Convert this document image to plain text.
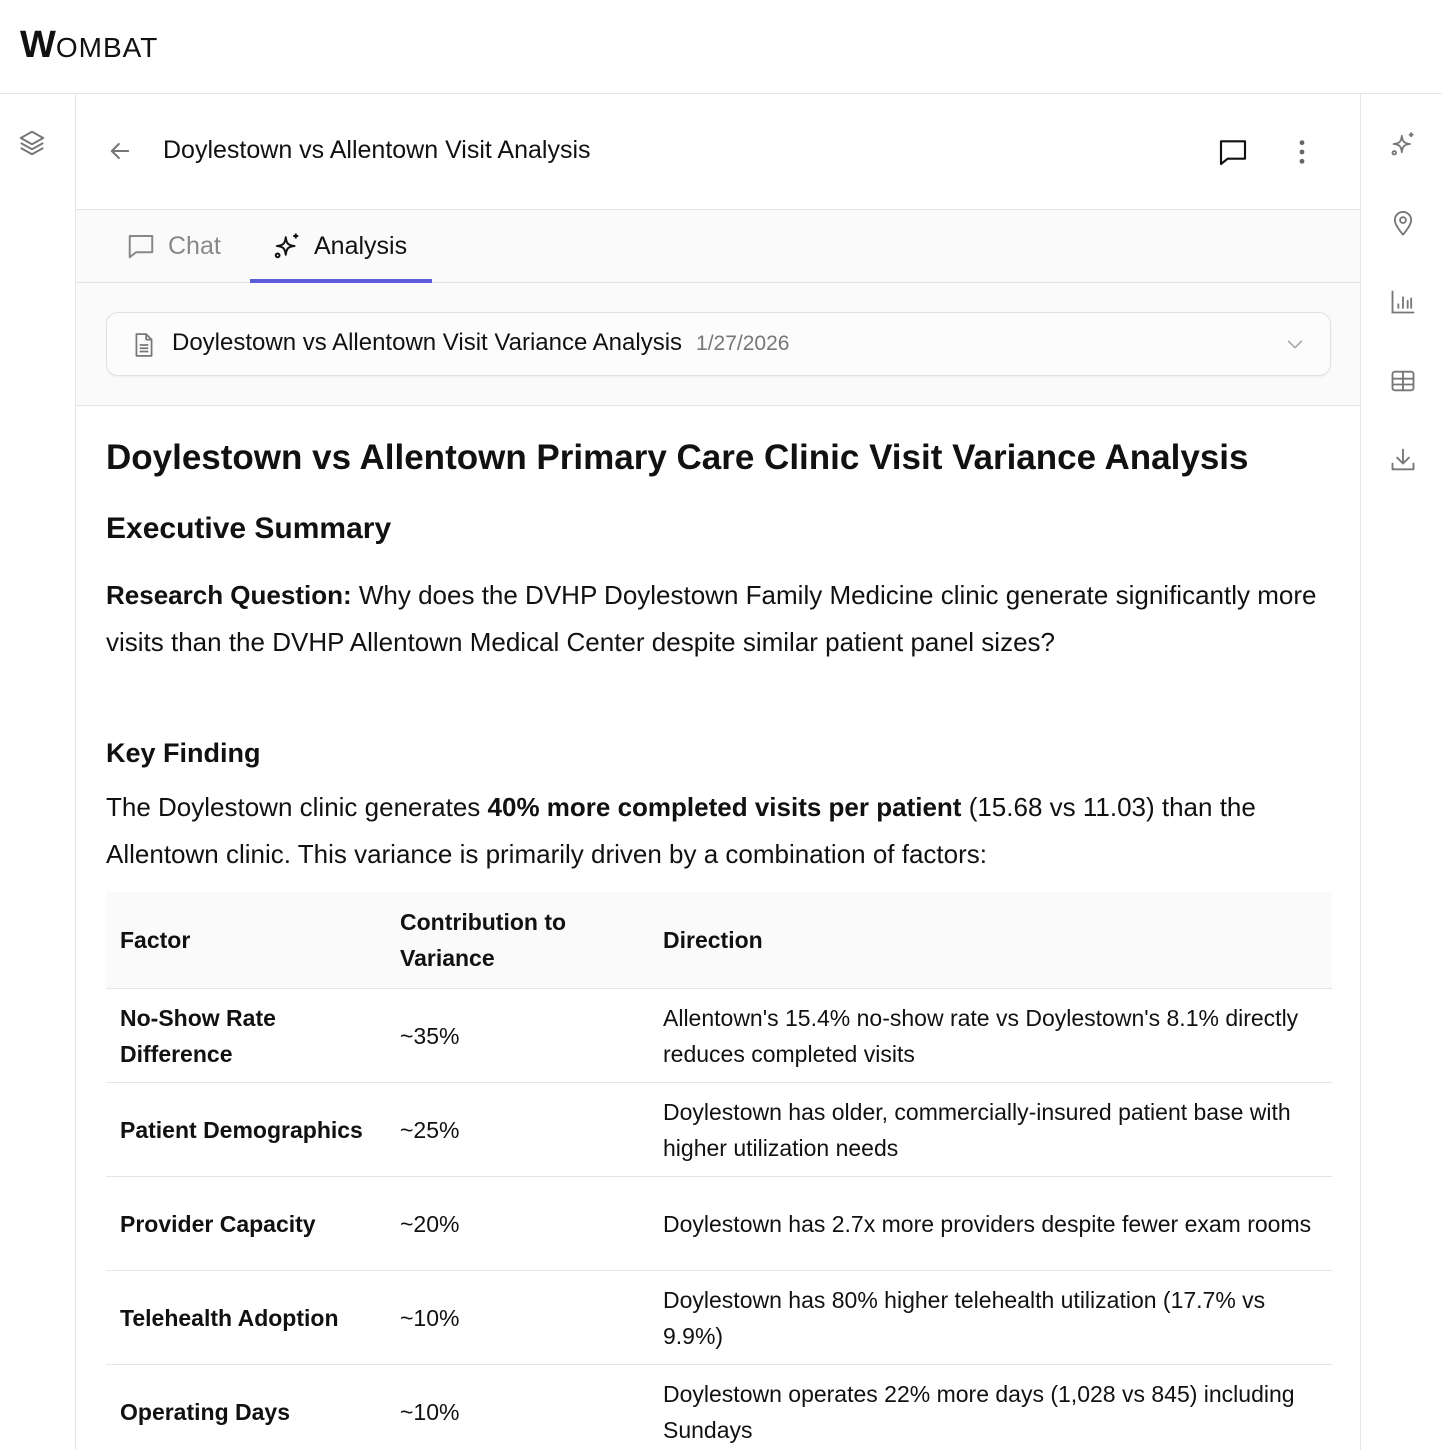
WOMBAT
Doylestown vs Allentown Visit Analysis
Chat	Analysis
Doylestown vs Allentown Visit Variance Analysis 1/27/2026
Doylestown vs Allentown Primary Care Clinic Visit Variance Analysis
Executive Summary

Research Question: Why does the DVHP Doylestown Family Medicine clinic generate significantly more visits than the DVHP Allentown Medical Center despite similar patient panel sizes?

Key Finding

The Doylestown clinic generates 40% more completed visits per patient (15.68 vs 11.03) than the Allentown clinic. This variance is primarily driven by a combination of factors:

Factor	Contribution to Variance	Direction
No-Show Rate Difference	~35%	Allentown's 15.4% no-show rate vs Doylestown's 8.1% directly reduces completed visits
Patient Demographics	~25%	Doylestown has older, commercially-insured patient base with higher utilization needs
Provider Capacity	~20%	Doylestown has 2.7x more providers despite fewer exam rooms
Telehealth Adoption	~10%	Doylestown has 80% higher telehealth utilization (17.7% vs 9.9%)
Operating Days	~10%	Doylestown operates 22% more days (1,028 vs 845) including Sundays
